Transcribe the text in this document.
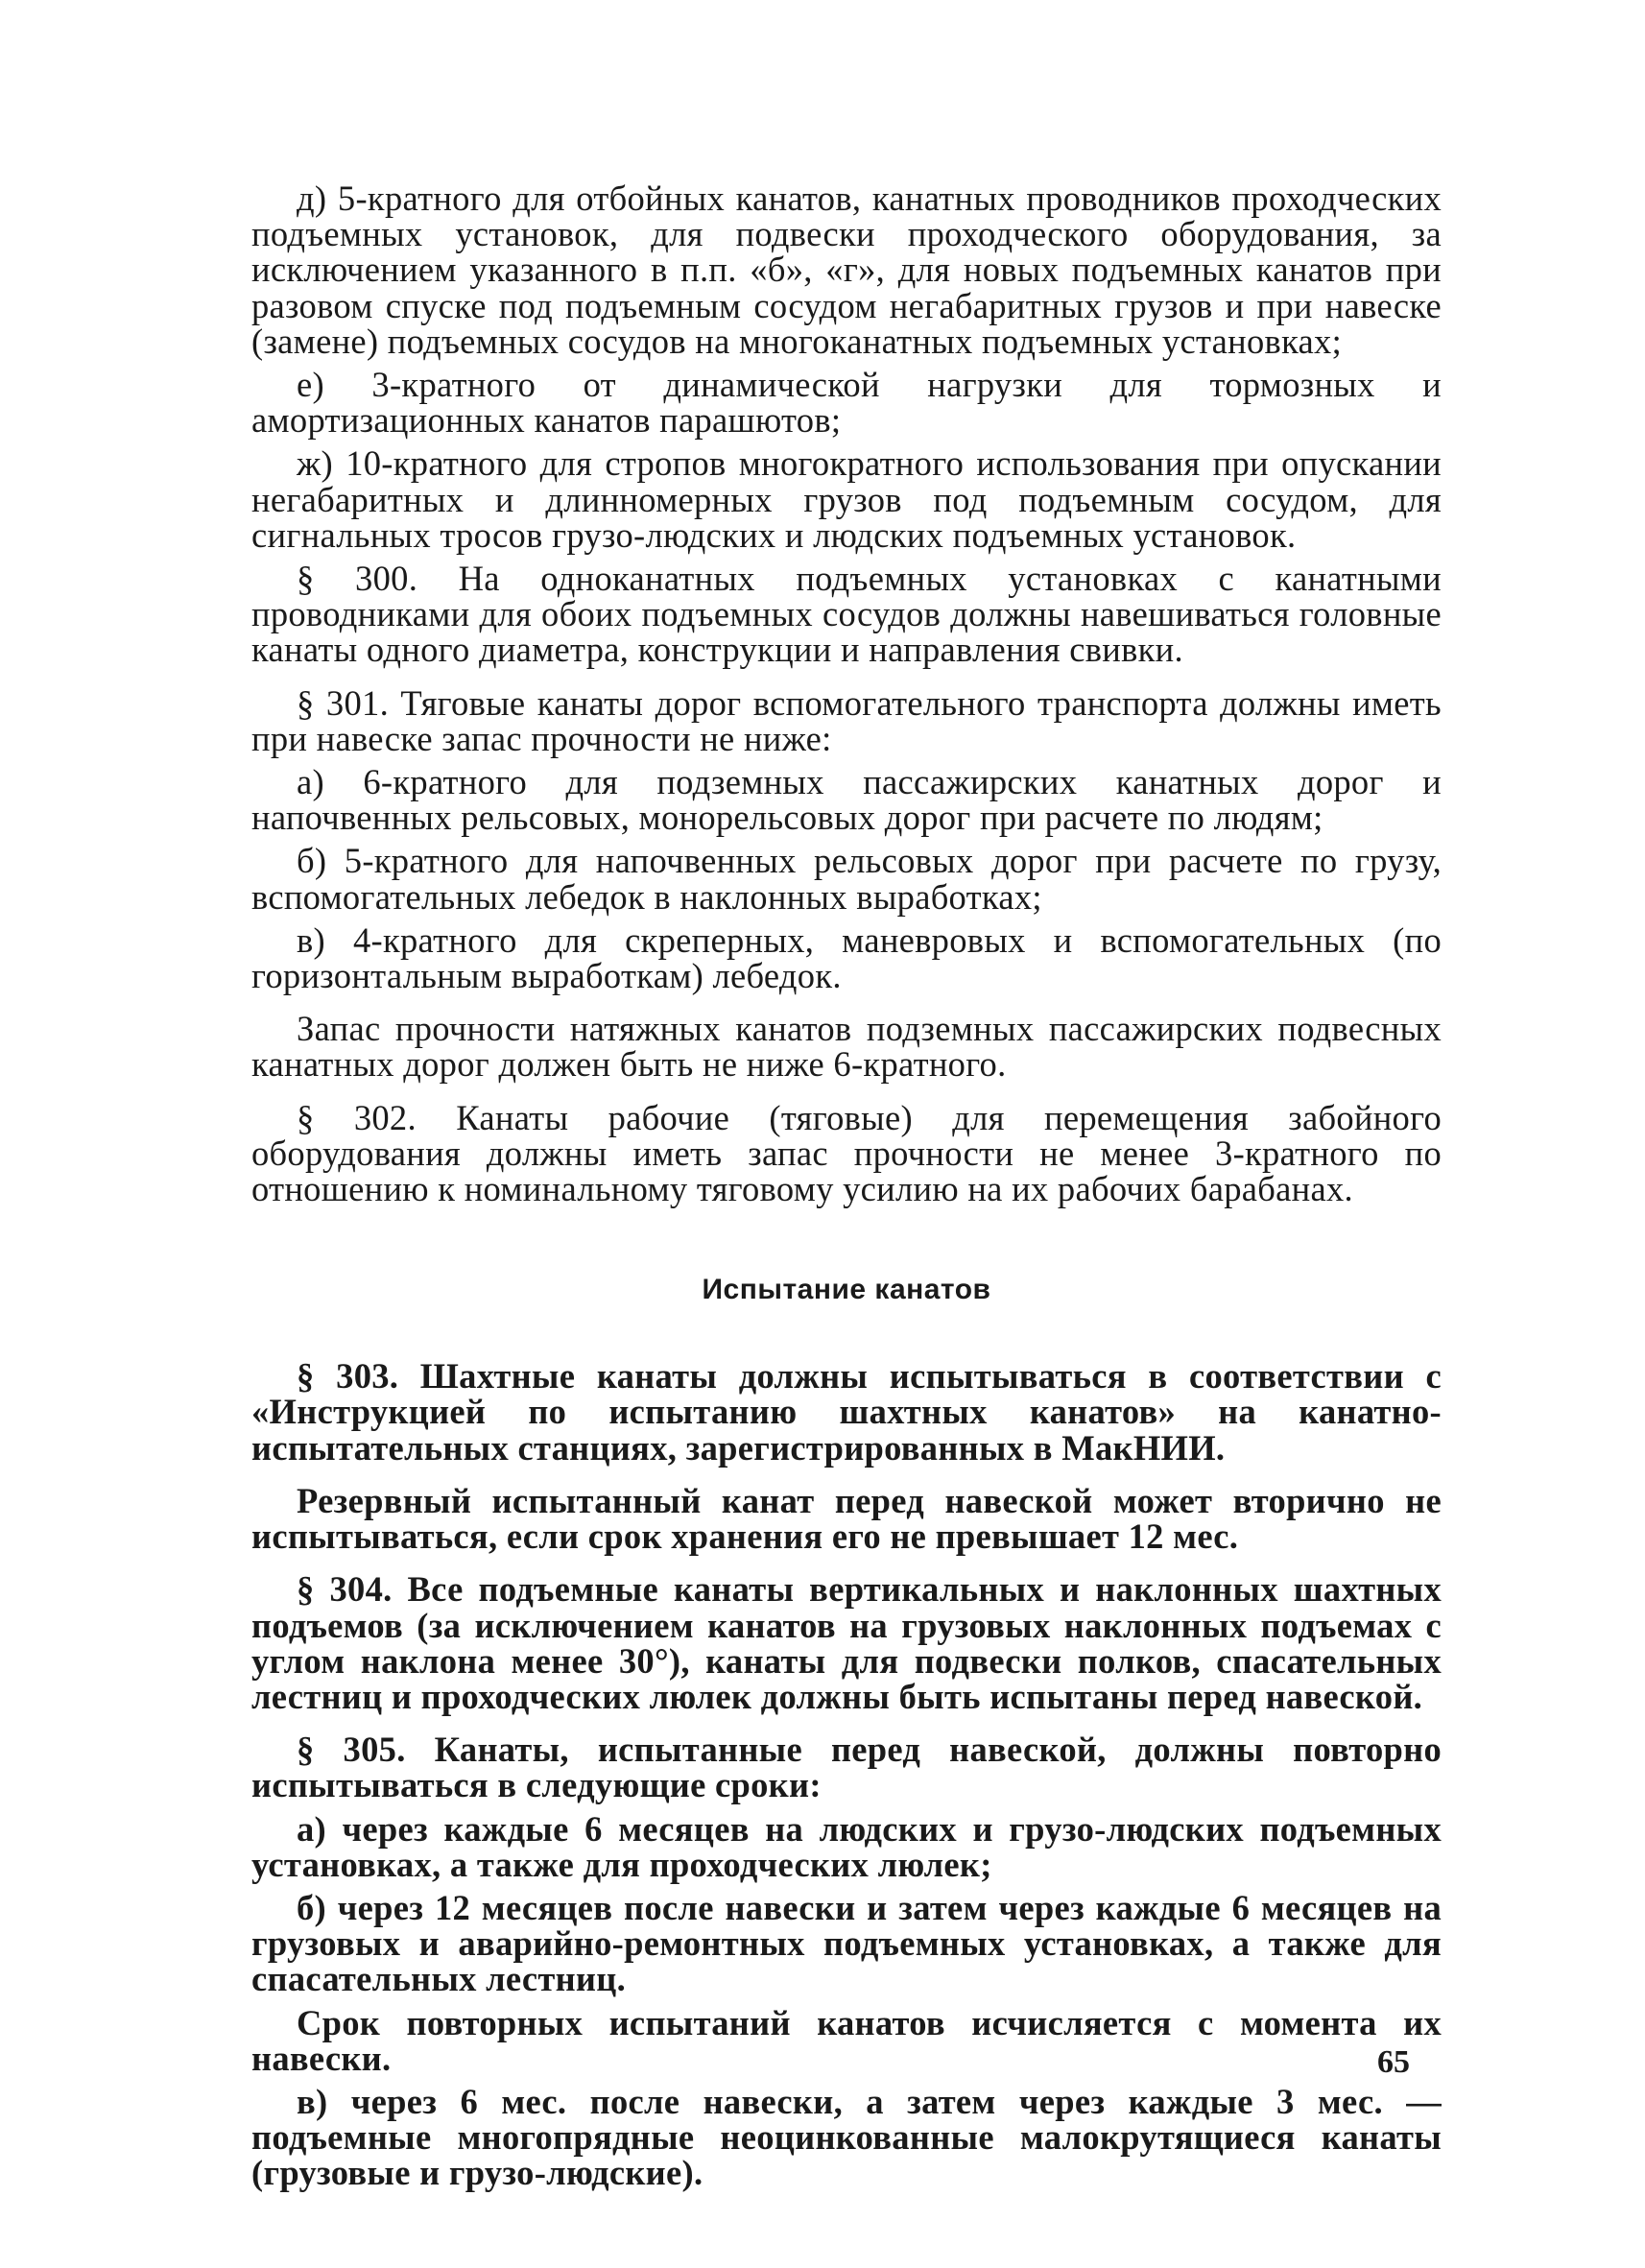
д) 5-кратного для отбойных канатов, канатных проводников проходческих подъемных установок, для подвески проходческого оборудования, за исключением указанного в п.п. «б», «г», для новых подъемных канатов при разовом спуске под подъемным сосудом негабаритных грузов и при навеске (замене) подъемных сосудов на многоканатных подъемных установках;

е) 3-кратного от динамической нагрузки для тормозных и амортизационных канатов парашютов;

ж) 10-кратного для стропов многократного использования при опускании негабаритных и длинномерных грузов под подъемным сосудом, для сигнальных тросов грузо-людских и людских подъемных установок.

§ 300. На одноканатных подъемных установках с канатными проводниками для обоих подъемных сосудов должны навешиваться головные канаты одного диаметра, конструкции и направления свивки.

§ 301. Тяговые канаты дорог вспомогательного транспорта должны иметь при навеске запас прочности не ниже:

а) 6-кратного для подземных пассажирских канатных дорог и напочвенных рельсовых, монорельсовых дорог при расчете по людям;

б) 5-кратного для напочвенных рельсовых дорог при расчете по грузу, вспомогательных лебедок в наклонных выработках;

в) 4-кратного для скреперных, маневровых и вспомогательных (по горизонтальным выработкам) лебедок.

Запас прочности натяжных канатов подземных пассажирских подвесных канатных дорог должен быть не ниже 6-кратного.

§ 302. Канаты рабочие (тяговые) для перемещения забойного оборудования должны иметь запас прочности не менее 3-кратного по отношению к номинальному тяговому усилию на их рабочих барабанах.

Испытание канатов

§ 303. Шахтные канаты должны испытываться в соответствии с «Инструкцией по испытанию шахтных канатов» на канатно-испытательных станциях, зарегистрированных в МакНИИ.

Резервный испытанный канат перед навеской может вторично не испытываться, если срок хранения его не превышает 12 мес.

§ 304. Все подъемные канаты вертикальных и наклонных шахтных подъемов (за исключением канатов на грузовых наклонных подъемах с углом наклона менее 30°), канаты для подвески полков, спасательных лестниц и проходческих люлек должны быть испытаны перед навеской.

§ 305. Канаты, испытанные перед навеской, должны повторно испытываться в следующие сроки:

а) через каждые 6 месяцев на людских и грузо-людских подъемных установках, а также для проходческих люлек;

б) через 12 месяцев после навески и затем через каждые 6 месяцев на грузовых и аварийно-ремонтных подъемных установках, а также для спасательных лестниц.

Срок повторных испытаний канатов исчисляется с момента их навески.

в) через 6 мес. после навески, а затем через каждые 3 мес. — подъемные многопрядные неоцинкованные малокрутящиеся канаты (грузовые и грузо-людские).

65
